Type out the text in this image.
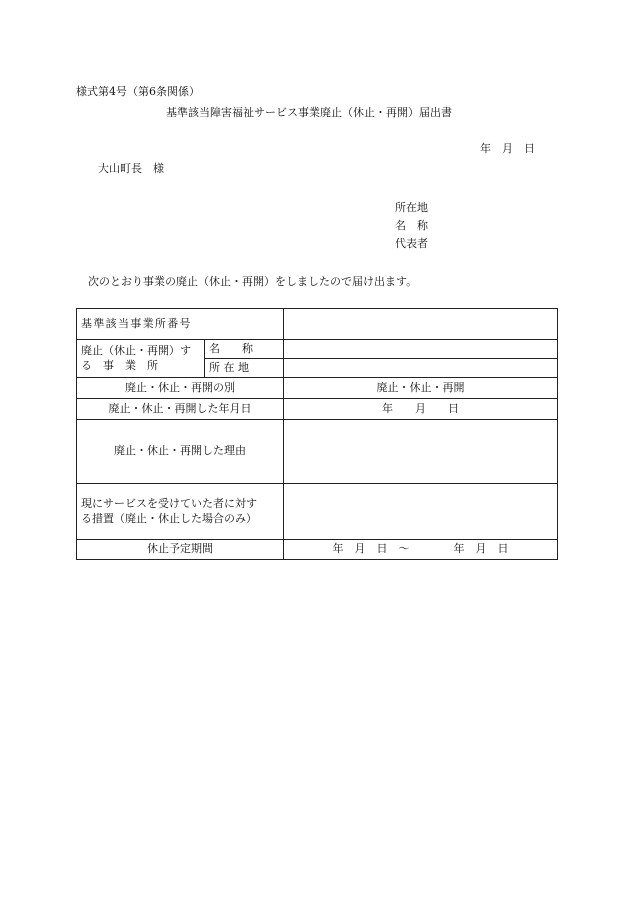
様式第4号（第6条関係）
基準該当障害福祉サービス事業廃止（休止・再開）届出書
年　月　日
大山町長　様
所在地
名　称
代表者
次のとおり事業の廃止（休止・再開）をしましたので届け出ます。
基準該当事業所番号		

廃止（休止・再開）す
る　事　業　所	名　　称	
	所 在 地	
廃止・休止・再開の別		廃止・休止・再開
廃止・休止・再開した年月日		年　　月　　日
廃止・休止・再開した理由		

現にサービスを受けていた者に対す
る措置（廃止・休止した場合のみ）		

休止予定期間		年　月　日　～　　　　年　月　日
